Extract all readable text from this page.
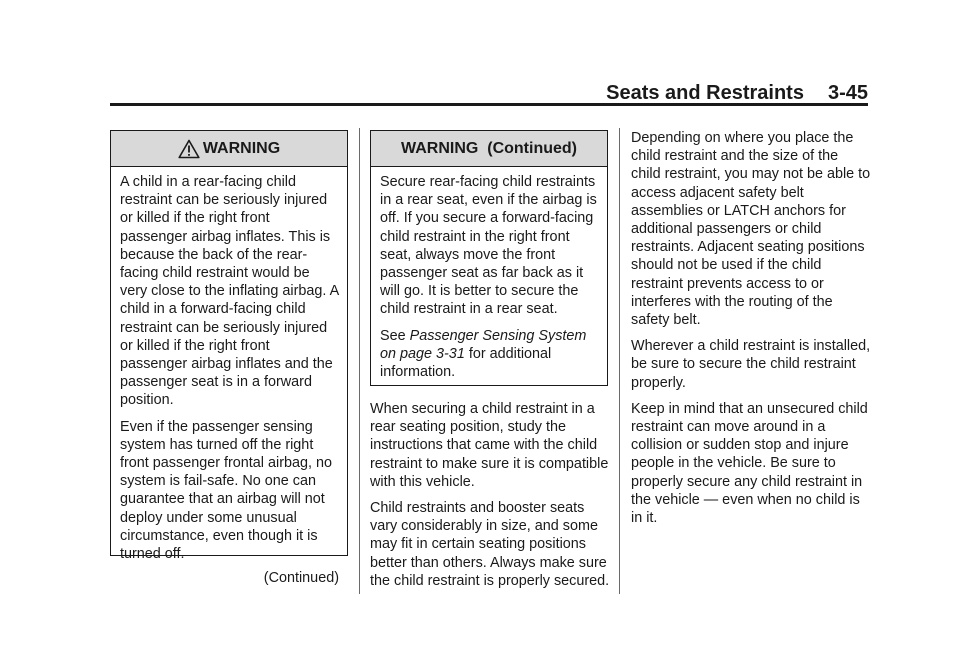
Seats and Restraints 3-45
WARNING

A child in a rear-facing child restraint can be seriously injured or killed if the right front passenger airbag inflates. This is because the back of the rear-facing child restraint would be very close to the inflating airbag. A child in a forward-facing child restraint can be seriously injured or killed if the right front passenger airbag inflates and the passenger seat is in a forward position.

Even if the passenger sensing system has turned off the right front passenger frontal airbag, no system is fail-safe. No one can guarantee that an airbag will not deploy under some unusual circumstance, even though it is turned off.

(Continued)
WARNING  (Continued)

Secure rear-facing child restraints in a rear seat, even if the airbag is off. If you secure a forward-facing child restraint in the right front seat, always move the front passenger seat as far back as it will go. It is better to secure the child restraint in a rear seat.

See Passenger Sensing System on page 3-31 for additional information.

When securing a child restraint in a rear seating position, study the instructions that came with the child restraint to make sure it is compatible with this vehicle.

Child restraints and booster seats vary considerably in size, and some may fit in certain seating positions better than others. Always make sure the child restraint is properly secured.

Depending on where you place the child restraint and the size of the child restraint, you may not be able to access adjacent safety belt assemblies or LATCH anchors for additional passengers or child restraints. Adjacent seating positions should not be used if the child restraint prevents access to or interferes with the routing of the safety belt.

Wherever a child restraint is installed, be sure to secure the child restraint properly.

Keep in mind that an unsecured child restraint can move around in a collision or sudden stop and injure people in the vehicle. Be sure to properly secure any child restraint in the vehicle — even when no child is in it.
